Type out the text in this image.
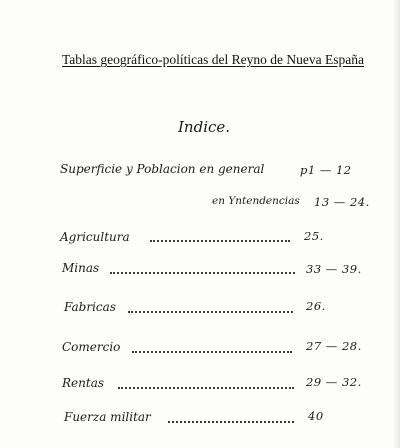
Tablas geográfico-políticas del Reyno de Nueva España
Indice.
Superficie y Poblacion en general	p1 — 12
en Yntendencias 13 — 24.
Agricultura	25.
Minas	33 — 39.
Fabricas	26.
Comercio	27 — 28.
Rentas	29 — 32.
Fuerza militar	40
